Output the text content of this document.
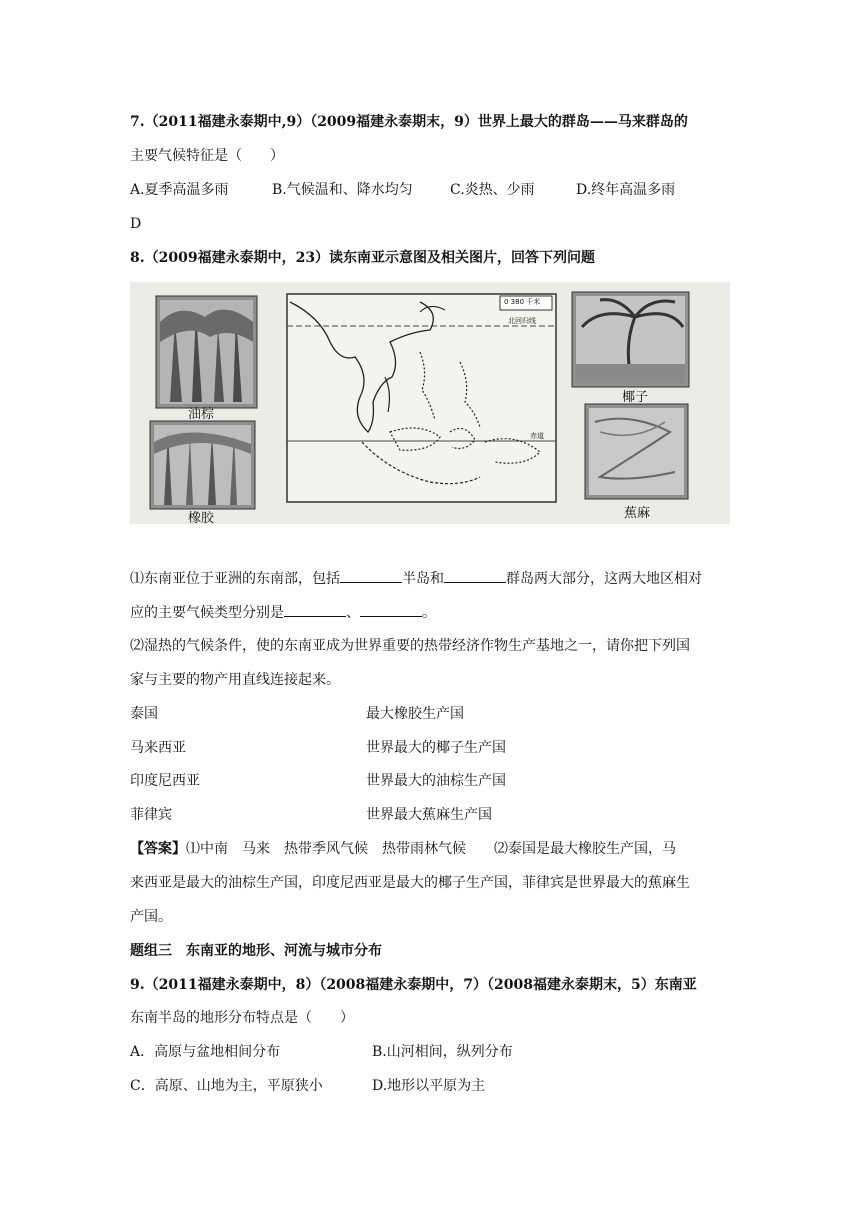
7.（2011福建永泰期中,9）（2009福建永泰期末，9）世界上最大的群岛——马来群岛的
主要气候特征是（　　）
A.夏季高温多雨	B.气候温和、降水均匀	C.炎热、少雨	D.终年高温多雨
D
8.（2009福建永泰期中，23）读东南亚示意图及相关图片，回答下列问题
油棕
橡胶
椰子
蕉麻
0 380 千米
北回归线
赤道
⑴东南亚位于亚洲的东南部，包括	半岛和	群岛两大部分，这两大地区相对
应的主要气候类型分别是	、	。
⑵湿热的气候条件，使的东南亚成为世界重要的热带经济作物生产基地之一，请你把下列国
家与主要的物产用直线连接起来。
泰国	最大橡胶生产国
马来西亚	世界最大的椰子生产国
印度尼西亚	世界最大的油棕生产国
菲律宾	世界最大蕉麻生产国
【答案】⑴中南　马来　热带季风气候　热带雨林气候　　⑵泰国是最大橡胶生产国，马
来西亚是最大的油棕生产国，印度尼西亚是最大的椰子生产国，菲律宾是世界最大的蕉麻生
产国。
题组三　东南亚的地形、河流与城市分布
9.（2011福建永泰期中，8）（2008福建永泰期中，7）（2008福建永泰期末，5）东南亚
东南半岛的地形分布特点是（　　）
A．高原与盆地相间分布	B.山河相间，纵列分布
C．高原、山地为主，平原狭小	D.地形以平原为主
